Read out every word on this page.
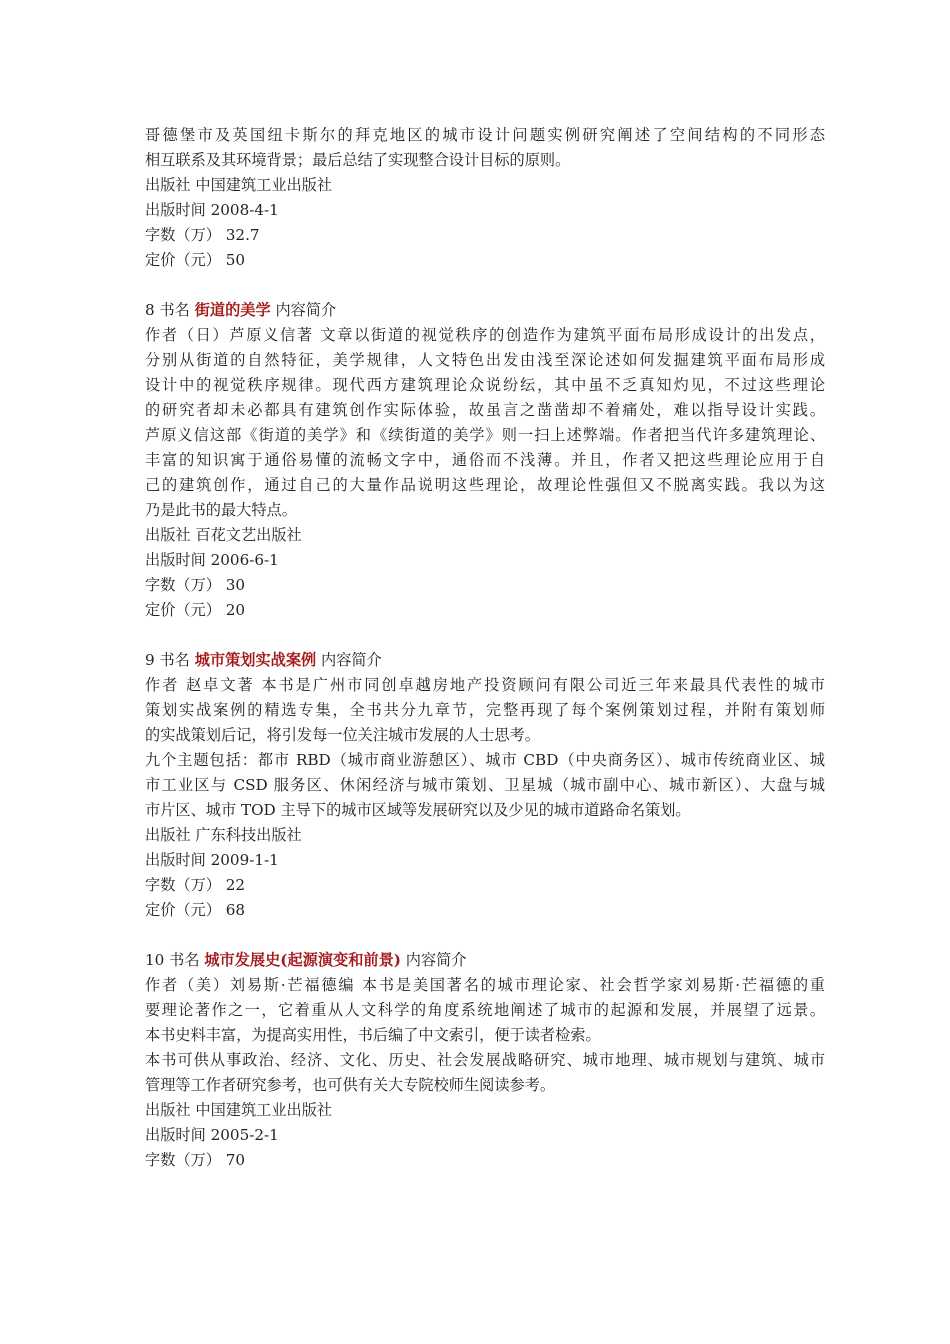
哥德堡市及英国纽卡斯尔的拜克地区的城市设计问题实例研究阐述了空间结构的不同形态
相互联系及其环境背景；最后总结了实现整合设计目标的原则。
出版社 中国建筑工业出版社
出版时间 2008-4-1
字数（万） 32.7
定价（元） 50
8 书名 街道的美学 内容简介
作者（日）芦原义信著 文章以街道的视觉秩序的创造作为建筑平面布局形成设计的出发点，
分别从街道的自然特征，美学规律，人文特色出发由浅至深论述如何发掘建筑平面布局形成
设计中的视觉秩序规律。现代西方建筑理论众说纷纭，其中虽不乏真知灼见，不过这些理论
的研究者却未必都具有建筑创作实际体验，故虽言之凿凿却不着痛处，难以指导设计实践。
芦原义信这部《街道的美学》和《续街道的美学》则一扫上述弊端。作者把当代许多建筑理论、
丰富的知识寓于通俗易懂的流畅文字中，通俗而不浅薄。并且，作者又把这些理论应用于自
己的建筑创作，通过自己的大量作品说明这些理论，故理论性强但又不脱离实践。我以为这
乃是此书的最大特点。
出版社 百花文艺出版社
出版时间 2006-6-1
字数（万） 30
定价（元） 20
9 书名 城市策划实战案例 内容简介
作者 赵卓文著 本书是广州市同创卓越房地产投资顾问有限公司近三年来最具代表性的城市
策划实战案例的精选专集，全书共分九章节，完整再现了每个案例策划过程，并附有策划师
的实战策划后记，将引发每一位关注城市发展的人士思考。
九个主题包括：都市 RBD（城市商业游憩区）、城市 CBD（中央商务区）、城市传统商业区、城
市工业区与 CSD 服务区、休闲经济与城市策划、卫星城（城市副中心、城市新区）、大盘与城
市片区、城市 TOD 主导下的城市区域等发展研究以及少见的城市道路命名策划。
出版社 广东科技出版社
出版时间 2009-1-1
字数（万） 22
定价（元） 68
10 书名 城市发展史(起源演变和前景) 内容简介
作者（美）刘易斯·芒福德编 本书是美国著名的城市理论家、社会哲学家刘易斯·芒福德的重
要理论著作之一，它着重从人文科学的角度系统地阐述了城市的起源和发展，并展望了远景。
本书史料丰富，为提高实用性，书后编了中文索引，便于读者检索。
本书可供从事政治、经济、文化、历史、社会发展战略研究、城市地理、城市规划与建筑、城市
管理等工作者研究参考，也可供有关大专院校师生阅读参考。
出版社 中国建筑工业出版社
出版时间 2005-2-1
字数（万） 70
